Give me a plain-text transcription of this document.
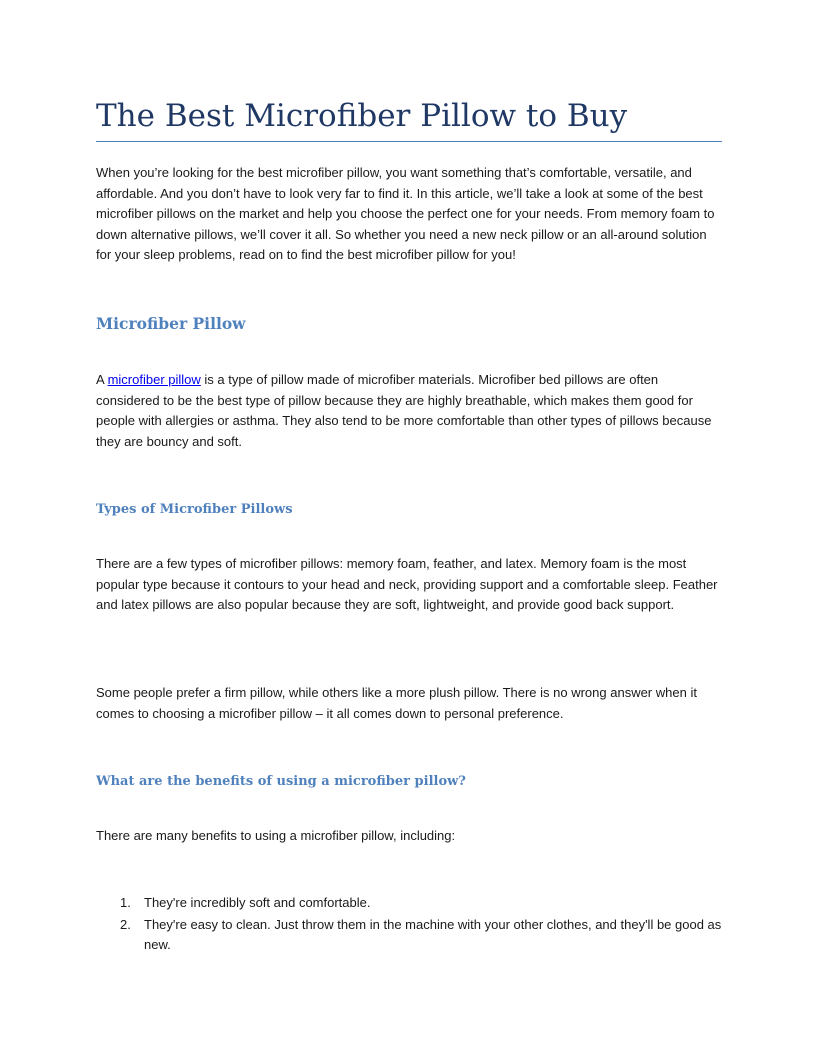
The Best Microfiber Pillow to Buy

When you’re looking for the best microfiber pillow, you want something that’s comfortable, versatile, and affordable. And you don’t have to look very far to find it. In this article, we’ll take a look at some of the best microfiber pillows on the market and help you choose the perfect one for your needs. From memory foam to down alternative pillows, we’ll cover it all. So whether you need a new neck pillow or an all-around solution for your sleep problems, read on to find the best microfiber pillow for you!

Microfiber Pillow

A microfiber pillow is a type of pillow made of microfiber materials. Microfiber bed pillows are often considered to be the best type of pillow because they are highly breathable, which makes them good for people with allergies or asthma. They also tend to be more comfortable than other types of pillows because they are bouncy and soft.

Types of Microfiber Pillows

There are a few types of microfiber pillows: memory foam, feather, and latex. Memory foam is the most popular type because it contours to your head and neck, providing support and a comfortable sleep. Feather and latex pillows are also popular because they are soft, lightweight, and provide good back support.

Some people prefer a firm pillow, while others like a more plush pillow. There is no wrong answer when it comes to choosing a microfiber pillow – it all comes down to personal preference.

What are the benefits of using a microfiber pillow?

There are many benefits to using a microfiber pillow, including:

1. They're incredibly soft and comfortable.
2. They're easy to clean. Just throw them in the machine with your other clothes, and they'll be good as new.
